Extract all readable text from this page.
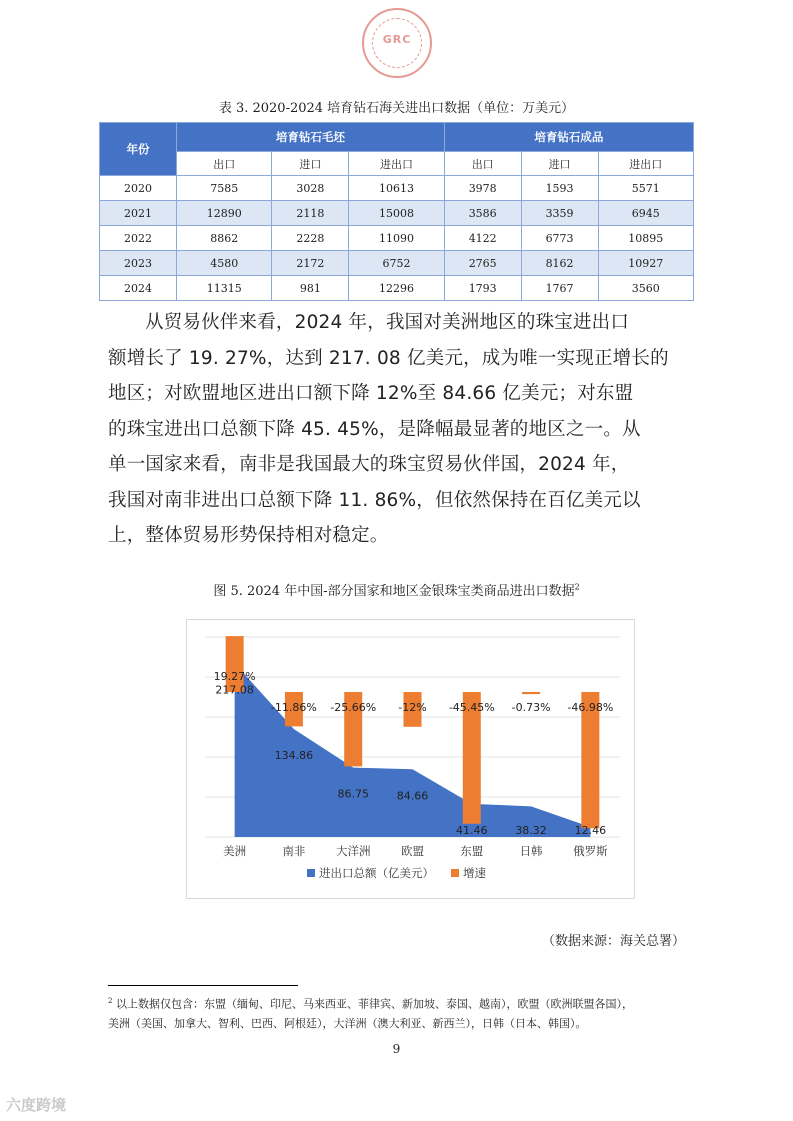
GRC
表 3. 2020-2024 培育钻石海关进出口数据（单位：万美元）
年份	培育钻石毛坯			培育钻石成品		
	出口	进口	进出口	出口	进口	进出口
2020	7585	3028	10613	3978	1593	5571
2021	12890	2118	15008	3586	3359	6945
2022	8862	2228	11090	4122	6773	10895
2023	4580	2172	6752	2765	8162	10927
2024	11315	981	12296	1793	1767	3560
从贸易伙伴来看，2024 年，我国对美洲地区的珠宝进出口
额增长了 19. 27%，达到 217. 08 亿美元，成为唯一实现正增长的
地区；对欧盟地区进出口额下降 12%至 84.66 亿美元；对东盟
的珠宝进出口总额下降 45. 45%，是降幅最显著的地区之一。从
单一国家来看，南非是我国最大的珠宝贸易伙伴国，2024 年，
我国对南非进出口总额下降 11. 86%，但依然保持在百亿美元以
上，整体贸易形势保持相对稳定。
图 5. 2024 年中国-部分国家和地区金银珠宝类商品进出口数据$^2$
19.27%
-11.86% -25.66% -12% -45.45% -0.73% -46.98%
217.08
134.86
86.75	84.66
41.46	38.32	12.46
美洲	南非	大洋洲	欧盟	东盟	日韩	俄罗斯
进出口总额（亿美元）	增速
（数据来源：海关总署）
$^2$ 以上数据仅包含：东盟（缅甸、印尼、马来西亚、菲律宾、新加坡、泰国、越南），欧盟（欧洲联盟各国），
美洲（美国、加拿大、智利、巴西、阿根廷），大洋洲（澳大利亚、新西兰），日韩（日本、韩国）。
9
六度跨境
